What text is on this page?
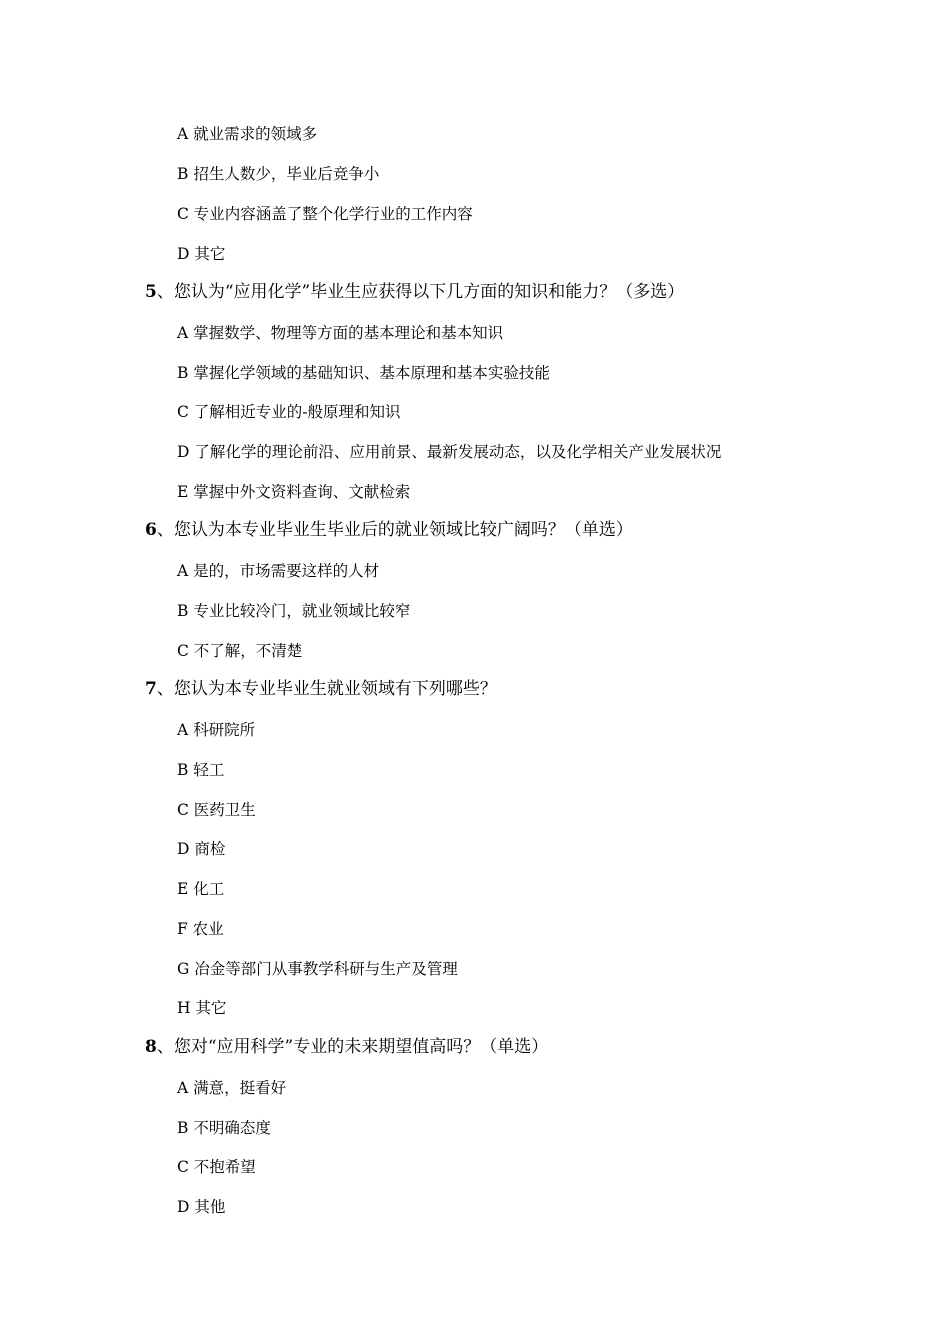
A 就业需求的领域多
B 招生人数少，毕业后竞争小
C 专业内容涵盖了整个化学行业的工作内容
D 其它
5、您认为“应用化学”毕业生应获得以下几方面的知识和能力？（多选）
A 掌握数学、物理等方面的基本理论和基本知识
B 掌握化学领域的基础知识、基本原理和基本实验技能
C 了解相近专业的-般原理和知识
D 了解化学的理论前沿、应用前景、最新发展动态，以及化学相关产业发展状况
E 掌握中外文资料查询、文献检索
6、您认为本专业毕业生毕业后的就业领域比较广阔吗？（单选）
A 是的，市场需要这样的人材
B 专业比较冷门，就业领域比较窄
C 不了解，不清楚
7、您认为本专业毕业生就业领域有下列哪些？
A 科研院所
B 轻工
C 医药卫生
D 商检
E 化工
F 农业
G 冶金等部门从事教学科研与生产及管理
H 其它
8、您对“应用科学”专业的未来期望值高吗？（单选）
A 满意，挺看好
B 不明确态度
C 不抱希望
D 其他
